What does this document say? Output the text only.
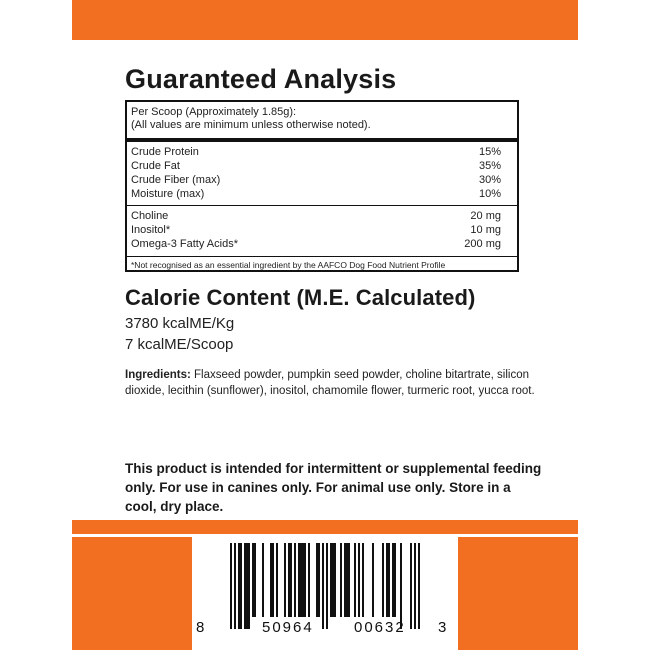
Guaranteed Analysis
Per Scoop (Approximately 1.85g):
(All values are minimum unless otherwise noted).
Crude Protein	15%
Crude Fat	35%
Crude Fiber (max)	30%
Moisture (max)	10%
Choline	20 mg
Inositol*	10 mg
Omega-3 Fatty Acids*	200 mg
*Not recognised as an essential ingredient by the AAFCO Dog Food Nutrient Profile
Calorie Content (M.E. Calculated)
3780 kcalME/Kg
7 kcalME/Scoop

Ingredients: Flaxseed powder, pumpkin seed powder, choline bitartrate, silicon dioxide, lecithin (sunflower), inositol, chamomile flower, turmeric root, yucca root.

This product is intended for intermittent or supplemental feeding only. For use in canines only. For animal use only. Store in a cool, dry place.

8	50964	00632 3
